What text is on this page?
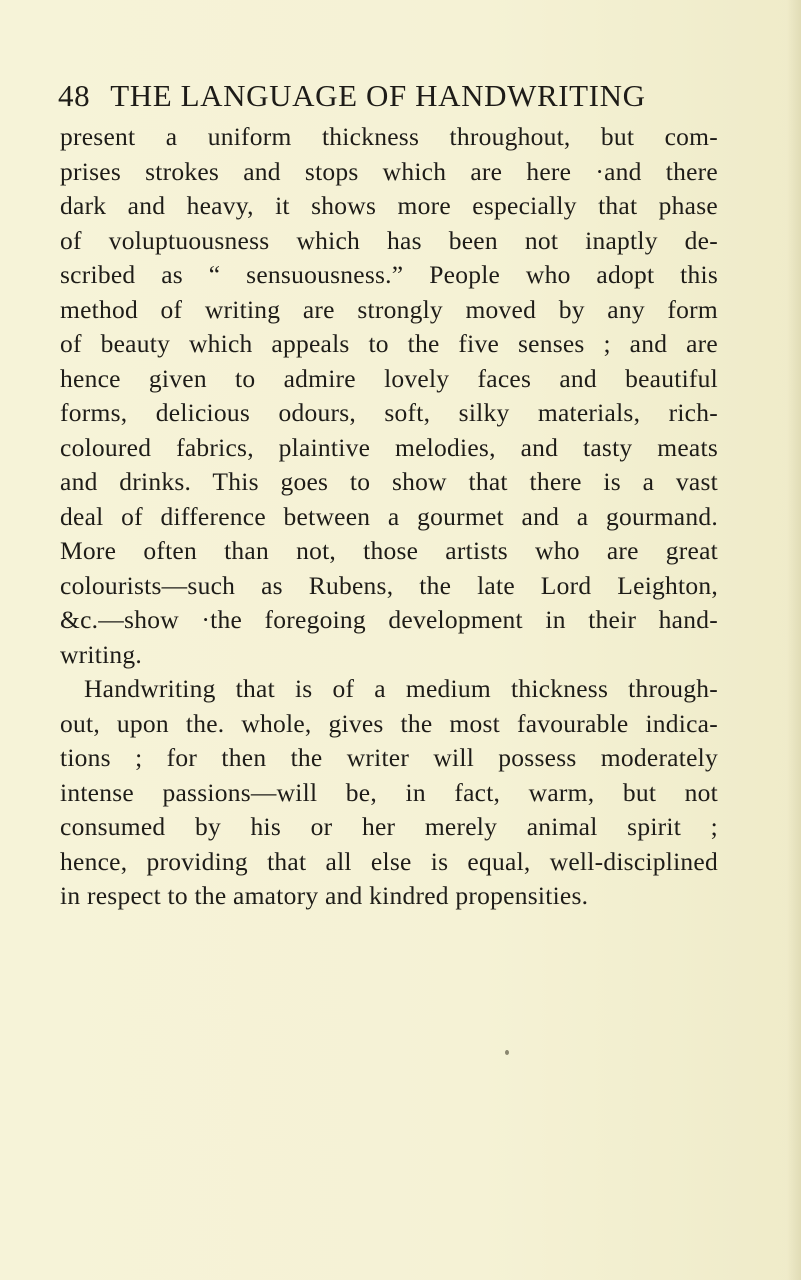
48 THE LANGUAGE OF HANDWRITING
present a uniform thickness throughout, but com-
prises strokes and stops which are here ·and there
dark and heavy, it shows more especially that phase
of voluptuousness which has been not inaptly de-
scribed as “ sensuousness.” People who adopt this
method of writing are strongly moved by any form
of beauty which appeals to the five senses ; and are
hence given to admire lovely faces and beautiful
forms, delicious odours, soft, silky materials, rich-
coloured fabrics, plaintive melodies, and tasty meats
and drinks. This goes to show that there is a vast
deal of difference between a gourmet and a gourmand.
More often than not, those artists who are great
colourists—such as Rubens, the late Lord Leighton,
&c.—show ·the foregoing development in their hand-
writing.
Handwriting that is of a medium thickness through-
out, upon the. whole, gives the most favourable indica-
tions ; for then the writer will possess moderately
intense passions—will be, in fact, warm, but not
consumed by his or her merely animal spirit ;
hence, providing that all else is equal, well-disciplined
in respect to the amatory and kindred propensities.
